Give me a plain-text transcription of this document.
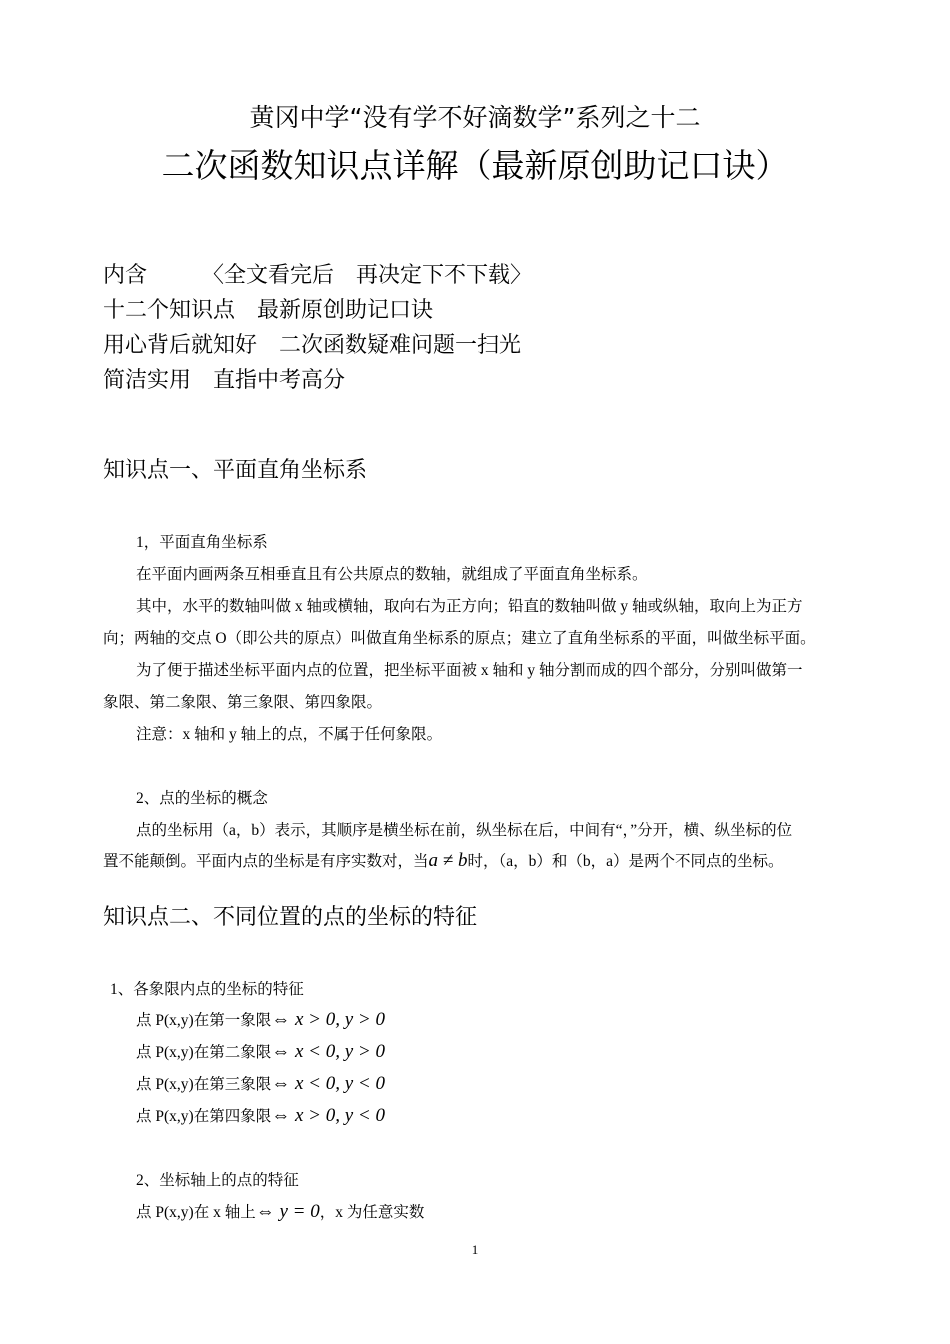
黄冈中学“没有学不好滴数学”系列之十二
二次函数知识点详解（最新原创助记口诀）
内含　　　〈全文看完后　再决定下不下载〉
十二个知识点　最新原创助记口诀
用心背后就知好　二次函数疑难问题一扫光
简洁实用　直指中考高分
知识点一、平面直角坐标系
1，平面直角坐标系
在平面内画两条互相垂直且有公共原点的数轴，就组成了平面直角坐标系。
其中，水平的数轴叫做 x 轴或横轴，取向右为正方向；铅直的数轴叫做 y 轴或纵轴，取向上为正方
向；两轴的交点 O（即公共的原点）叫做直角坐标系的原点；建立了直角坐标系的平面，叫做坐标平面。
为了便于描述坐标平面内点的位置，把坐标平面被 x 轴和 y 轴分割而成的四个部分，分别叫做第一
象限、第二象限、第三象限、第四象限。
注意：x 轴和 y 轴上的点，不属于任何象限。
2、点的坐标的概念
点的坐标用（a，b）表示，其顺序是横坐标在前，纵坐标在后，中间有“，”分开，横、纵坐标的位
置不能颠倒。平面内点的坐标是有序实数对，当a ≠ b时，（a，b）和（b，a）是两个不同点的坐标。
知识点二、不同位置的点的坐标的特征
1、各象限内点的坐标的特征
点 P(x,y)在第一象限⇔ x > 0, y > 0
点 P(x,y)在第二象限⇔ x < 0, y > 0
点 P(x,y)在第三象限⇔ x < 0, y < 0
点 P(x,y)在第四象限⇔ x > 0, y < 0
2、坐标轴上的点的特征
点 P(x,y)在 x 轴上⇔ y = 0，x 为任意实数
1
